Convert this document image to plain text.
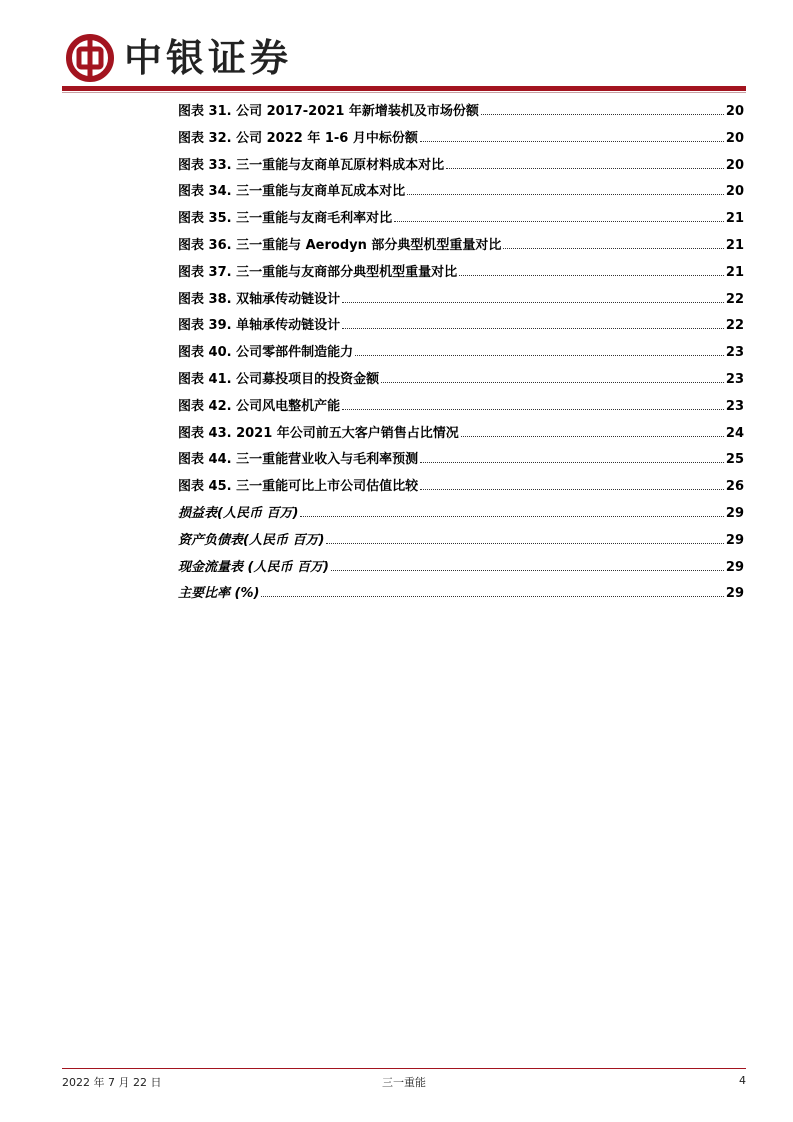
中银证券
图表 31. 公司 2017-2021 年新增装机及市场份额	20
图表 32. 公司 2022 年 1-6 月中标份额	20
图表 33. 三一重能与友商单瓦原材料成本对比	20
图表 34. 三一重能与友商单瓦成本对比	20
图表 35. 三一重能与友商毛利率对比	21
图表 36. 三一重能与 Aerodyn 部分典型机型重量对比	21
图表 37. 三一重能与友商部分典型机型重量对比	21
图表 38. 双轴承传动链设计	22
图表 39. 单轴承传动链设计	22
图表 40. 公司零部件制造能力	23
图表 41. 公司募投项目的投资金额	23
图表 42. 公司风电整机产能	23
图表 43. 2021 年公司前五大客户销售占比情况	24
图表 44. 三一重能营业收入与毛利率预测	25
图表 45. 三一重能可比上市公司估值比较	26
损益表(人民币 百万)	29
资产负债表(人民币 百万)	29
现金流量表 (人民币 百万)	29
主要比率 (%)	29
2022 年 7 月 22 日	三一重能	4
